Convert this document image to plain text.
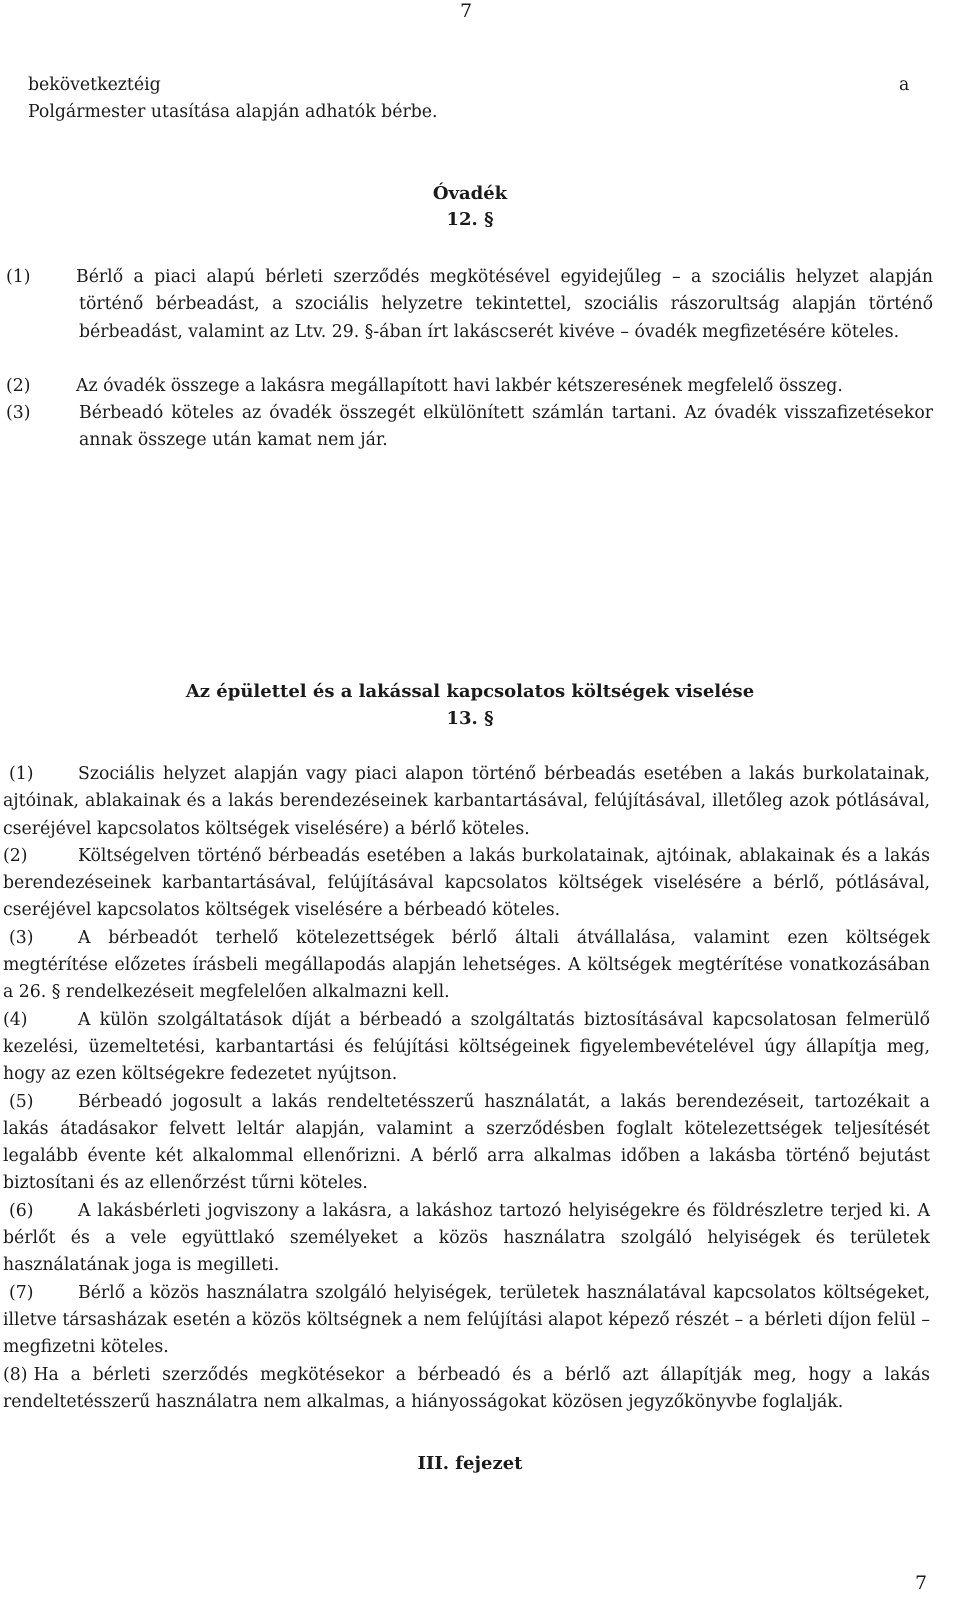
7
bekövetkeztéig	a
Polgármester utasítása alapján adhatók bérbe.
Óvadék
12. §
(1)	Bérlő a piaci alapú bérleti szerződés megkötésével egyidejűleg – a szociális helyzet alapján
történő bérbeadást, a szociális helyzetre tekintettel, szociális rászorultság alapján történő bérbeadást, valamint az Ltv. 29. §-ában írt lakáscserét kivéve – óvadék megfizetésére köteles.
(2)	Az óvadék összege a lakásra megállapított havi lakbér kétszeresének megfelelő összeg.
(3)	Bérbeadó köteles az óvadék összegét elkülönített számlán tartani. Az óvadék visszafizetésekor annak összege után kamat nem jár.
Az épülettel és a lakással kapcsolatos költségek viselése
13. §

(1)	Szociális helyzet alapján vagy piaci alapon történő bérbeadás esetében a lakás burkolatainak, ajtóinak, ablakainak és a lakás berendezéseinek karbantartásával, felújításával, illetőleg azok pótlásával, cseréjével kapcsolatos költségek viselésére) a bérlő köteles.

(2)	Költségelven történő bérbeadás esetében a lakás burkolatainak, ajtóinak, ablakainak és a lakás berendezéseinek karbantartásával, felújításával kapcsolatos költségek viselésére a bérlő, pótlásával, cseréjével kapcsolatos költségek viselésére a bérbeadó köteles.

(3)	A bérbeadót terhelő kötelezettségek bérlő általi átvállalása, valamint ezen költségek megtérítése előzetes írásbeli megállapodás alapján lehetséges. A költségek megtérítése vonatkozásában a 26. § rendelkezéseit megfelelően alkalmazni kell.

(4)	A külön szolgáltatások díját a bérbeadó a szolgáltatás biztosításával kapcsolatosan felmerülő kezelési, üzemeltetési, karbantartási és felújítási költségeinek figyelembevételével úgy állapítja meg, hogy az ezen költségekre fedezetet nyújtson.

(5)	Bérbeadó jogosult a lakás rendeltetésszerű használatát, a lakás berendezéseit, tartozékait a lakás átadásakor felvett leltár alapján, valamint a szerződésben foglalt kötelezettségek teljesítését legalább évente két alkalommal ellenőrizni. A bérlő arra alkalmas időben a lakásba történő bejutást biztosítani és az ellenőrzést tűrni köteles.

(6)	A lakásbérleti jogviszony a lakásra, a lakáshoz tartozó helyiségekre és földrészletre terjed ki. A bérlőt és a vele együttlakó személyeket a közös használatra szolgáló helyiségek és területek használatának joga is megilleti.

(7)	Bérlő a közös használatra szolgáló helyiségek, területek használatával kapcsolatos költségeket, illetve társasházak esetén a közös költségnek a nem felújítási alapot képező részét – a bérleti díjon felül – megfizetni köteles.

(8) Ha a bérleti szerződés megkötésekor a bérbeadó és a bérlő azt állapítják meg, hogy a lakás rendeltetésszerű használatra nem alkalmas, a hiányosságokat közösen jegyzőkönyvbe foglalják.

III. fejezet
7
